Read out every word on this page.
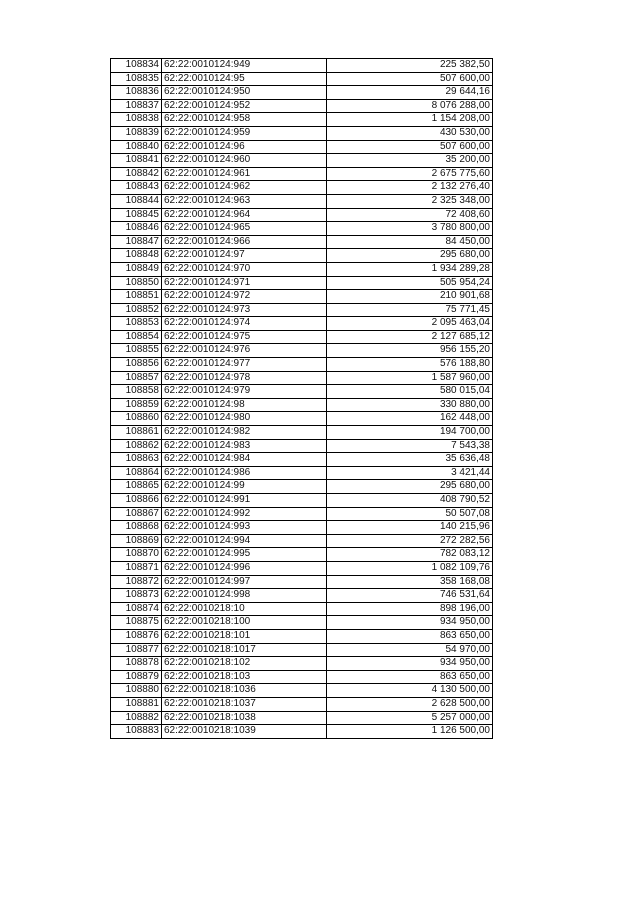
108834	62:22:0010124:949	225 382,50
108835	62:22:0010124:95	507 600,00
108836	62:22:0010124:950	29 644,16
108837	62:22:0010124:952	8 076 288,00
108838	62:22:0010124:958	1 154 208,00
108839	62:22:0010124:959	430 530,00
108840	62:22:0010124:96	507 600,00
108841	62:22:0010124:960	35 200,00
108842	62:22:0010124:961	2 675 775,60
108843	62:22:0010124:962	2 132 276,40
108844	62:22:0010124:963	2 325 348,00
108845	62:22:0010124:964	72 408,60
108846	62:22:0010124:965	3 780 800,00
108847	62:22:0010124:966	84 450,00
108848	62:22:0010124:97	295 680,00
108849	62:22:0010124:970	1 934 289,28
108850	62:22:0010124:971	505 954,24
108851	62:22:0010124:972	210 901,68
108852	62:22:0010124:973	75 771,45
108853	62:22:0010124:974	2 095 463,04
108854	62:22:0010124:975	2 127 685,12
108855	62:22:0010124:976	956 155,20
108856	62:22:0010124:977	576 188,80
108857	62:22:0010124:978	1 587 960,00
108858	62:22:0010124:979	580 015,04
108859	62:22:0010124:98	330 880,00
108860	62:22:0010124:980	162 448,00
108861	62:22:0010124:982	194 700,00
108862	62:22:0010124:983	7 543,38
108863	62:22:0010124:984	35 636,48
108864	62:22:0010124:986	3 421,44
108865	62:22:0010124:99	295 680,00
108866	62:22:0010124:991	408 790,52
108867	62:22:0010124:992	50 507,08
108868	62:22:0010124:993	140 215,96
108869	62:22:0010124:994	272 282,56
108870	62:22:0010124:995	782 083,12
108871	62:22:0010124:996	1 082 109,76
108872	62:22:0010124:997	358 168,08
108873	62:22:0010124:998	746 531,64
108874	62:22:0010218:10	898 196,00
108875	62:22:0010218:100	934 950,00
108876	62:22:0010218:101	863 650,00
108877	62:22:0010218:1017	54 970,00
108878	62:22:0010218:102	934 950,00
108879	62:22:0010218:103	863 650,00
108880	62:22:0010218:1036	4 130 500,00
108881	62:22:0010218:1037	2 628 500,00
108882	62:22:0010218:1038	5 257 000,00
108883	62:22:0010218:1039	1 126 500,00
